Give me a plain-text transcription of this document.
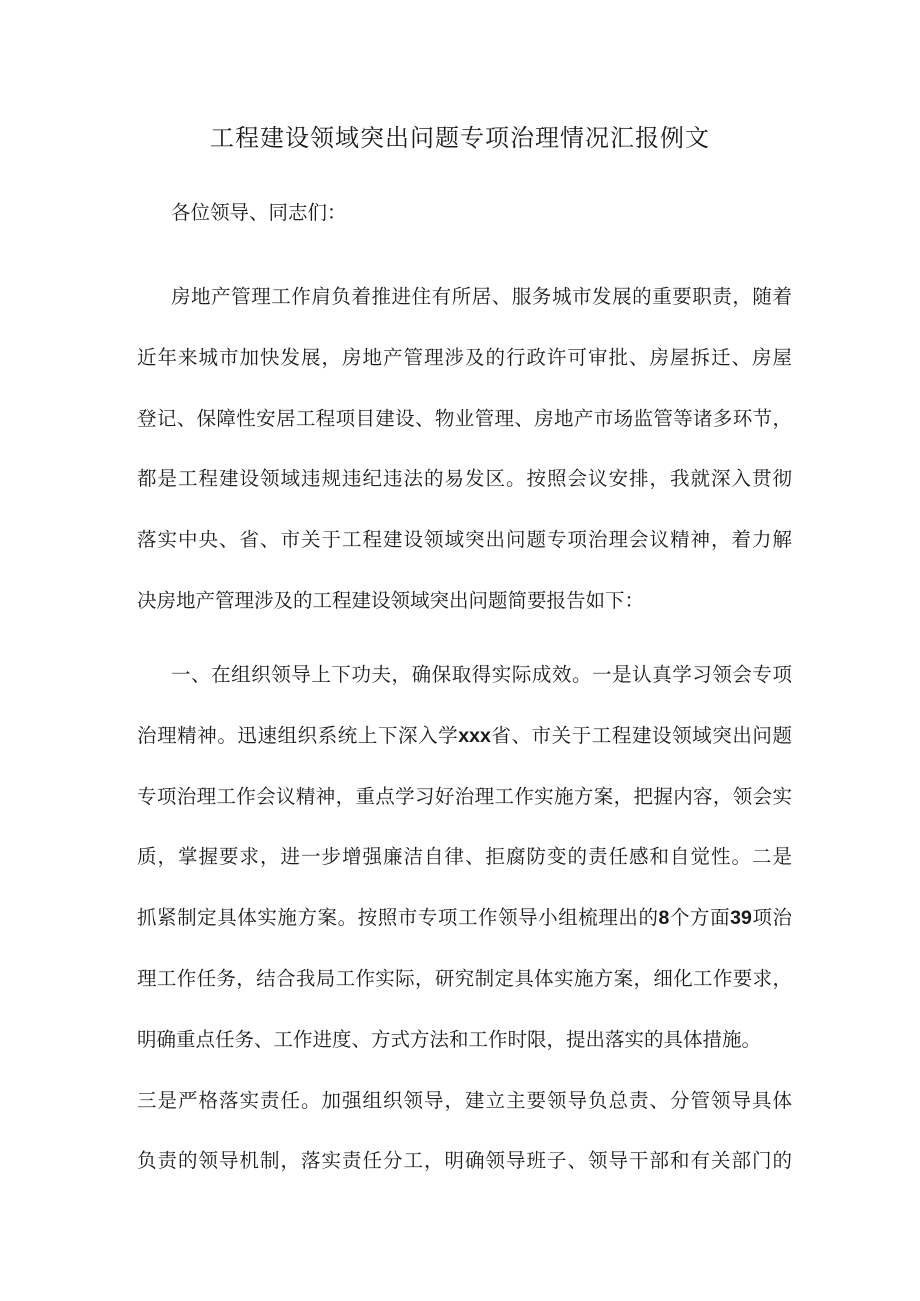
工程建设领域突出问题专项治理情况汇报例文

各位领导、同志们：

房地产管理工作肩负着推进住有所居、服务城市发展的重要职责，随着
近年来城市加快发展，房地产管理涉及的行政许可审批、房屋拆迁、房屋
登记、保障性安居工程项目建设、物业管理、房地产市场监管等诸多环节，
都是工程建设领域违规违纪违法的易发区。按照会议安排，我就深入贯彻
落实中央、省、市关于工程建设领域突出问题专项治理会议精神，着力解
决房地产管理涉及的工程建设领域突出问题简要报告如下：
一、在组织领导上下功夫，确保取得实际成效。一是认真学习领会专项
治理精神。迅速组织系统上下深入学xxx省、市关于工程建设领域突出问题
专项治理工作会议精神，重点学习好治理工作实施方案，把握内容，领会实
质，掌握要求，进一步增强廉洁自律、拒腐防变的责任感和自觉性。二是
抓紧制定具体实施方案。按照市专项工作领导小组梳理出的8个方面39项治
理工作任务，结合我局工作实际，研究制定具体实施方案，细化工作要求，
明确重点任务、工作进度、方式方法和工作时限，提出落实的具体措施。
三是严格落实责任。加强组织领导，建立主要领导负总责、分管领导具体
负责的领导机制，落实责任分工，明确领导班子、领导干部和有关部门的
